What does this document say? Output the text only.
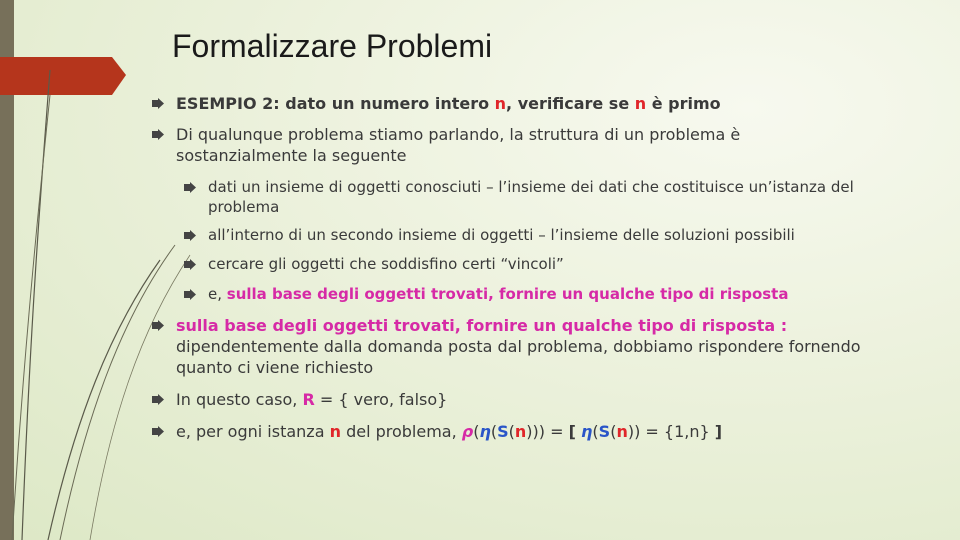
Formalizzare Problemi
ESEMPIO 2: dato un numero intero n, verificare se n è primo
Di qualunque problema stiamo parlando, la struttura di un problema è sostanzialmente la seguente
dati un insieme di oggetti conosciuti – l’insieme dei dati che costituisce un’istanza del problema
all’interno di un secondo insieme di oggetti – l’insieme delle soluzioni possibili
cercare gli oggetti che soddisfino certi “vincoli”
e, sulla base degli oggetti trovati, fornire un qualche tipo di risposta
sulla base degli oggetti trovati, fornire un qualche tipo di risposta : dipendentemente dalla domanda posta dal problema, dobbiamo rispondere fornendo quanto ci viene richiesto
In questo caso, R = { vero, falso}
e, per ogni istanza n del problema, ρ(η(S(n))) = [ η(S(n)) = {1,n} ]
